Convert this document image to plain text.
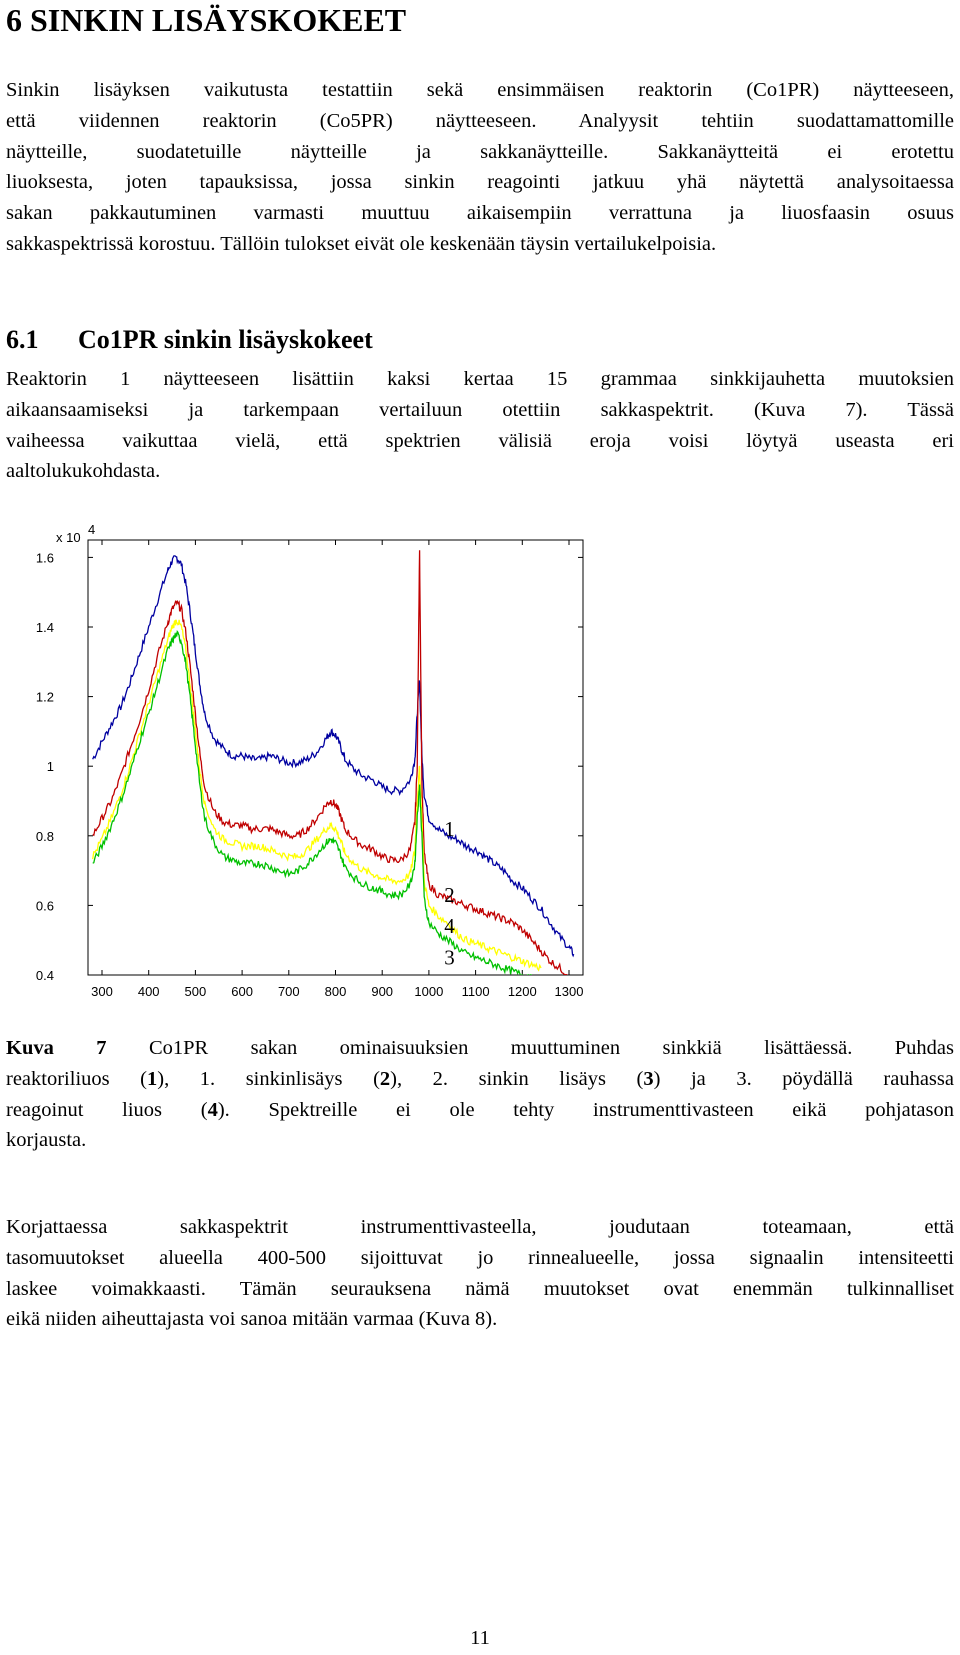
6 SINKIN LISÄYSKOKEET
Sinkin lisäyksen vaikutusta testattiin sekä ensimmäisen reaktorin (Co1PR) näytteeseen,
että viidennen reaktorin (Co5PR) näytteeseen. Analyysit tehtiin suodattamattomille
näytteille, suodatetuille näytteille ja sakkanäytteille. Sakkanäytteitä ei erotettu
liuoksesta, joten tapauksissa, jossa sinkin reagointi jatkuu yhä näytettä analysoitaessa
sakan pakkautuminen varmasti muuttuu aikaisempiin verrattuna ja liuosfaasin osuus
sakkaspektrissä korostuu. Tällöin tulokset eivät ole keskenään täysin vertailukelpoisia.
6.1 Co1PR sinkin lisäyskokeet
Reaktorin 1 näytteeseen lisättiin kaksi kertaa 15 grammaa sinkkijauhetta muutoksien
aikaansaamiseksi ja tarkempaan vertailuun otettiin sakkaspektrit. (Kuva 7). Tässä
vaiheessa vaikuttaa vielä, että spektrien välisiä eroja voisi löytyä useasta eri
aaltolukukohdasta.
300 400 500 600 700 800 900 1000 1100 1200 1300
0.4
0.6
0.8
1
1.2
1.4
1.6
x 10
4
1
2
4
3
Kuva 7 Co1PR sakan ominaisuuksien muuttuminen sinkkiä lisättäessä. Puhdas
reaktoriliuos (1), 1. sinkinlisäys (2), 2. sinkin lisäys (3) ja 3. pöydällä rauhassa
reagoinut liuos (4). Spektreille ei ole tehty instrumenttivasteen eikä pohjatason
korjausta.
Korjattaessa sakkaspektrit instrumenttivasteella, joudutaan toteamaan, että
tasomuutokset alueella 400-500 sijoittuvat jo rinnealueelle, jossa signaalin intensiteetti
laskee voimakkaasti. Tämän seurauksena nämä muutokset ovat enemmän tulkinnalliset
eikä niiden aiheuttajasta voi sanoa mitään varmaa (Kuva 8).
11
